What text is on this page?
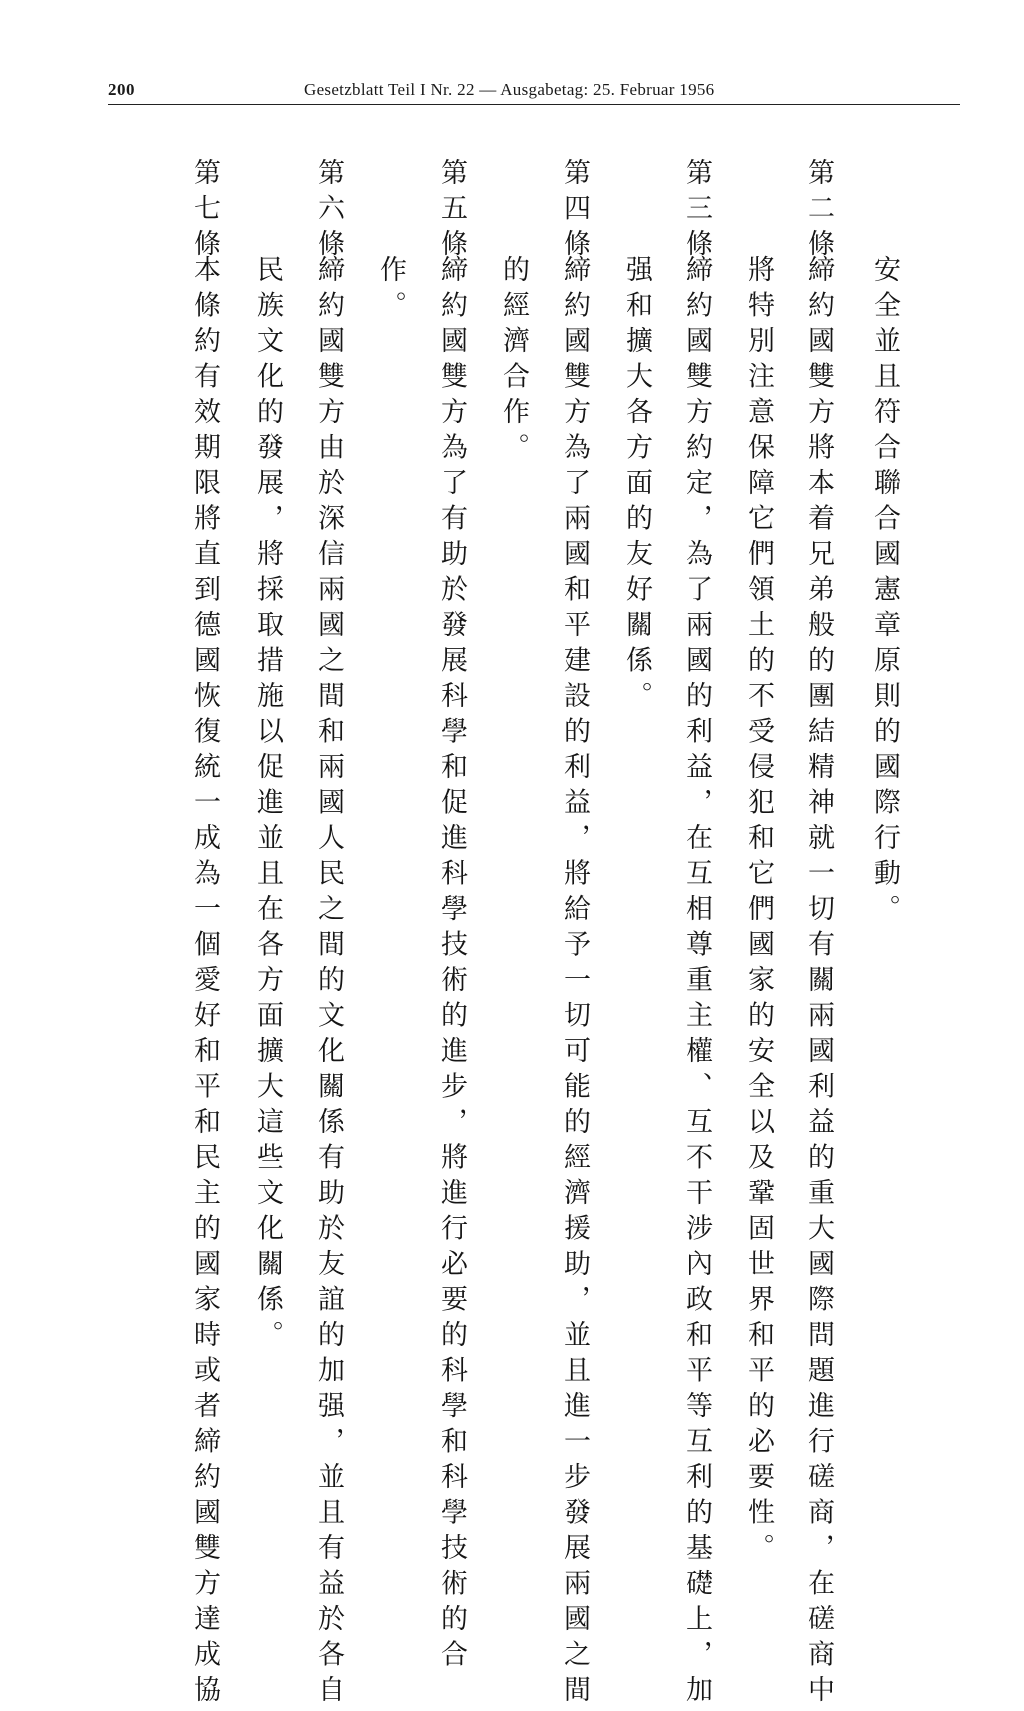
200	Gesetzblatt Teil I Nr. 22 — Ausgabetag: 25. Februar 1956
安全並且符合聯合國憲章原則的國際行動。
第二條
締約國雙方將本着兄弟般的團結精神就一切有關兩國利益的重大國際問題進行磋商，在磋商中
將特別注意保障它們領土的不受侵犯和它們國家的安全以及鞏固世界和平的必要性。
第三條
締約國雙方約定，為了兩國的利益，在互相尊重主權、互不干涉內政和平等互利的基礎上，加
强和擴大各方面的友好關係。
第四條
締約國雙方為了兩國和平建設的利益，將給予一切可能的經濟援助，並且進一步發展兩國之間
的經濟合作。
第五條
締約國雙方為了有助於發展科學和促進科學技術的進步，將進行必要的科學和科學技術的合
作。
第六條
締約國雙方由於深信兩國之間和兩國人民之間的文化關係有助於友誼的加强，並且有益於各自
民族文化的發展，將採取措施以促進並且在各方面擴大這些文化關係。
第七條
本條約有效期限將直到德國恢復統一成為一個愛好和平和民主的國家時或者締約國雙方達成協
